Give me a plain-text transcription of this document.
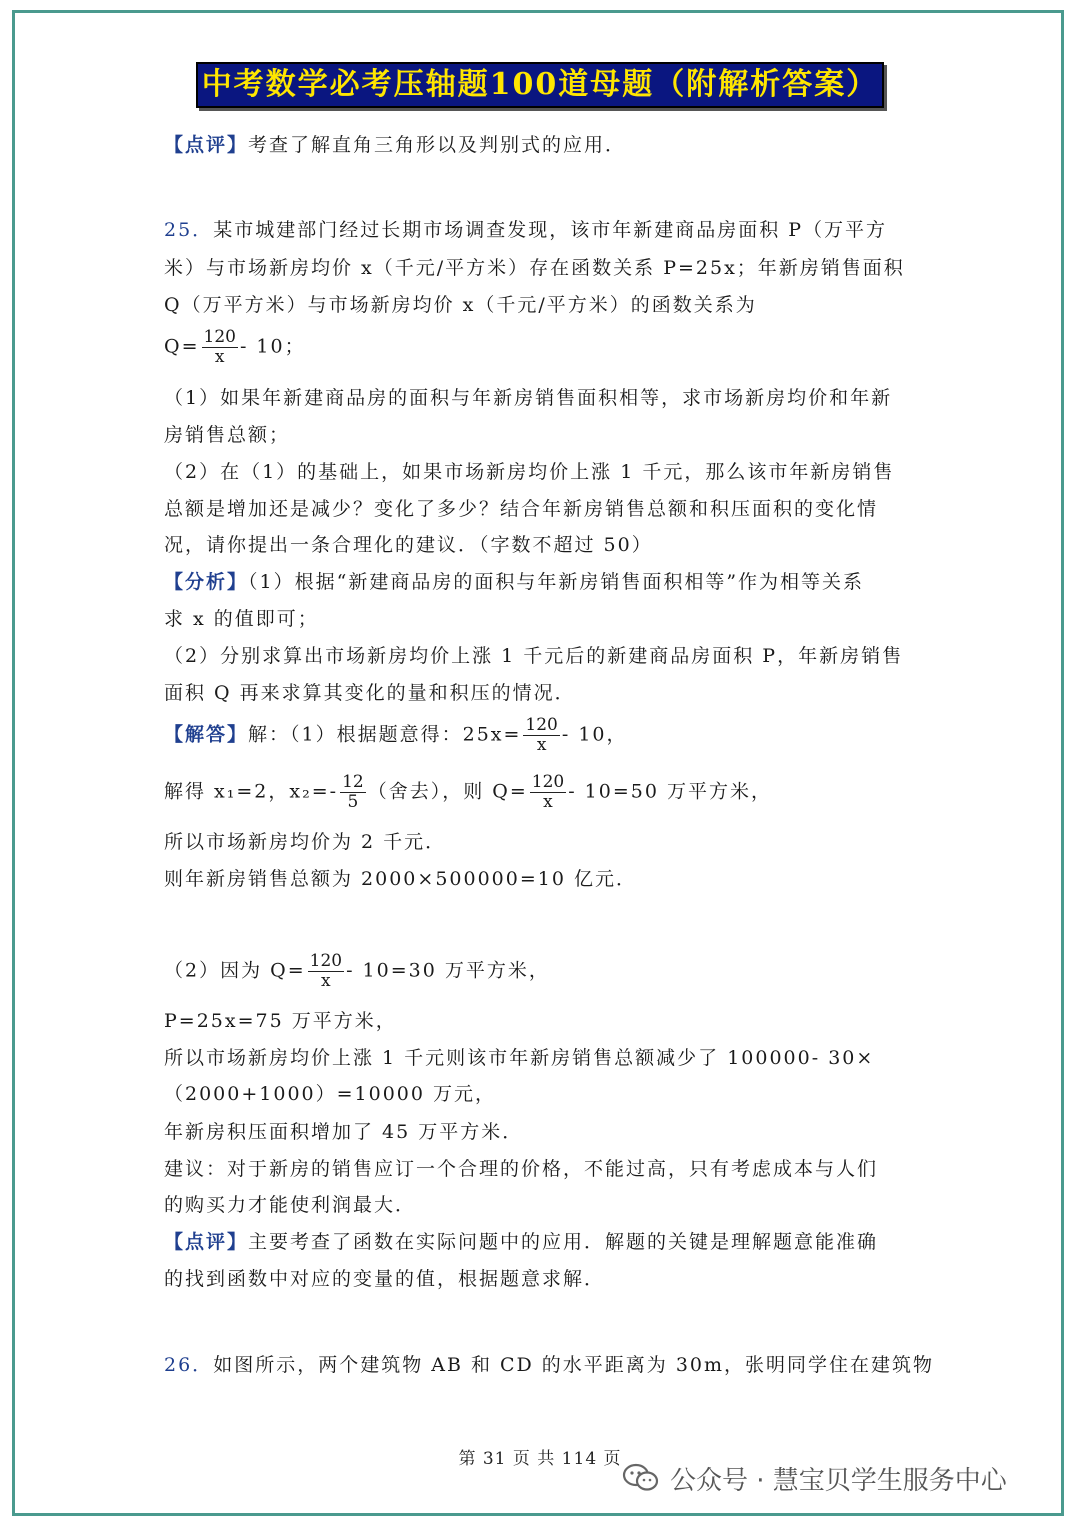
中考数学必考压轴题100道母题（附解析答案）
【点评】考查了解直角三角形以及判别式的应用．
25．某市城建部门经过长期市场调查发现，该市年新建商品房面积 P（万平方
米）与市场新房均价 x（千元/平方米）存在函数关系 P=25x；年新房销售面积
Q（万平方米）与市场新房均价 x（千元/平方米）的函数关系为
$Q= \frac{120}{x} - 10$；
（1）如果年新建商品房的面积与年新房销售面积相等，求市场新房均价和年新
房销售总额；
（2）在（1）的基础上，如果市场新房均价上涨 1 千元，那么该市年新房销售
总额是增加还是减少？变化了多少？结合年新房销售总额和积压面积的变化情
况，请你提出一条合理化的建议．（字数不超过 50）
【分析】（1）根据“新建商品房的面积与年新房销售面积相等”作为相等关系
求 x 的值即可；
（2）分别求算出市场新房均价上涨 1 千元后的新建商品房面积 P，年新房销售
面积 Q 再来求算其变化的量和积压的情况．
【解答】解：（1）根据题意得：$25x= \frac{120}{x} - 10$，
解得 x₁=2，$x_2=- \frac{12}{5}$ （舍去），则 $Q= \frac{120}{x} - 10=50$ 万平方米，
所以市场新房均价为 2 千元．
则年新房销售总额为 2000×500000=10 亿元．
（2）因为 $Q= \frac{120}{x} - 10=30$ 万平方米，
P=25x=75 万平方米，
所以市场新房均价上涨 1 千元则该市年新房销售总额减少了 100000- 30×
（2000+1000）=10000 万元，
年新房积压面积增加了 45 万平方米．
建议：对于新房的销售应订一个合理的价格，不能过高，只有考虑成本与人们
的购买力才能使利润最大．
【点评】主要考查了函数在实际问题中的应用．解题的关键是理解题意能准确
的找到函数中对应的变量的值，根据题意求解．
26．如图所示，两个建筑物 AB 和 CD 的水平距离为 30m，张明同学住在建筑物
第 31 页 共 114 页
公众号 · 慧宝贝学生服务中心
